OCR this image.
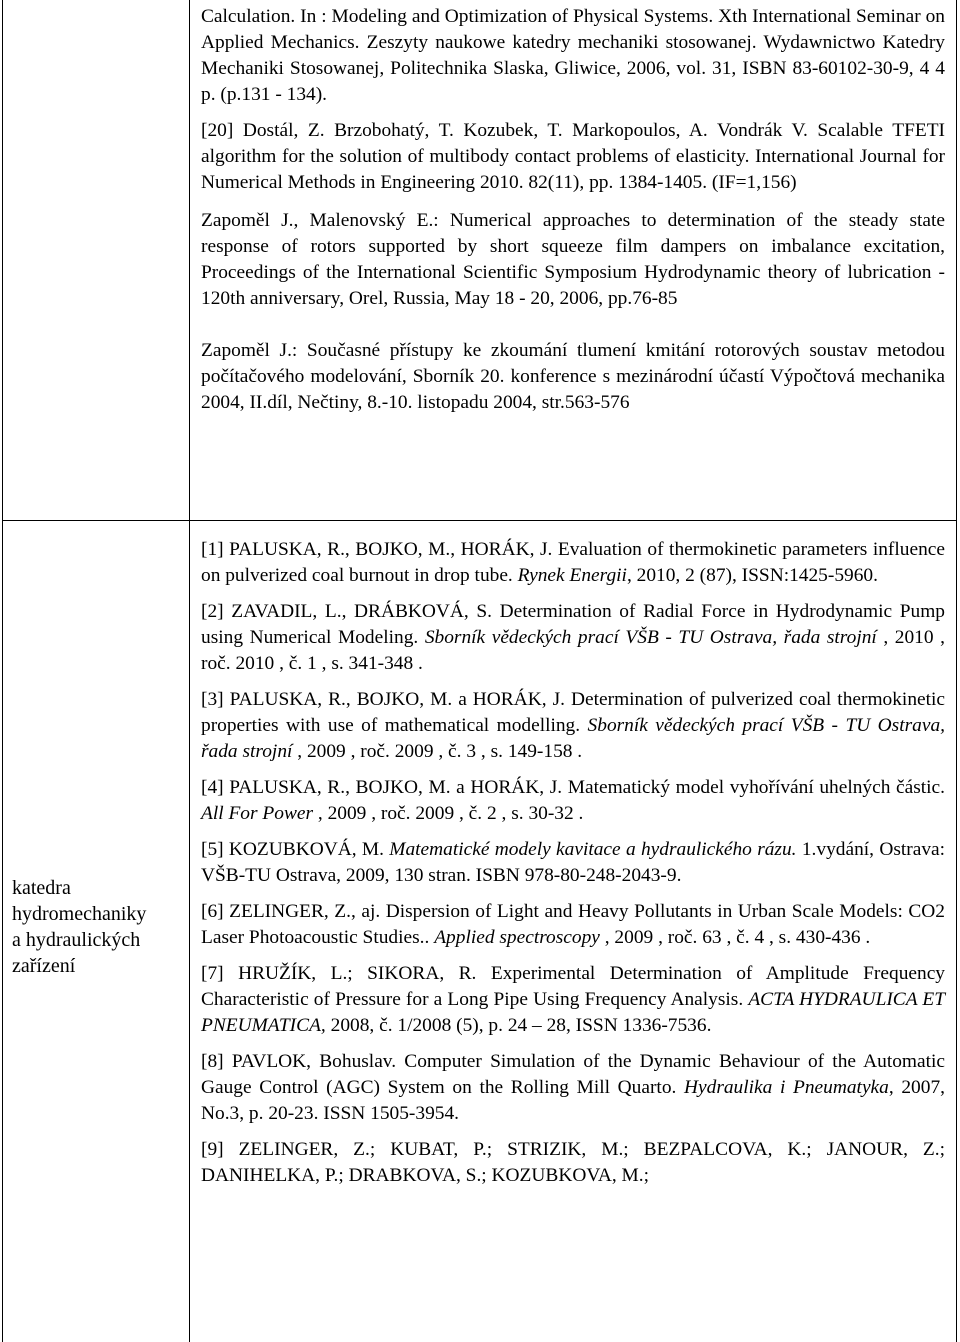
Calculation. In : Modeling and Optimization of Physical Systems. Xth International Seminar on Applied Mechanics. Zeszyty naukowe katedry mechaniki stosowanej. Wydawnictwo Katedry Mechaniki Stosowanej, Politechnika Slaska, Gliwice, 2006, vol. 31, ISBN 83-60102-30-9, 4 4 p. (p.131 - 134).

[20] Dostál, Z. Brzobohatý, T. Kozubek, T. Markopoulos, A. Vondrák V. Scalable TFETI algorithm for the solution of multibody contact problems of elasticity. International Journal for Numerical Methods in Engineering 2010. 82(11), pp. 1384-1405. (IF=1,156)

Zapoměl J., Malenovský E.: Numerical approaches to determination of the steady state response of rotors supported by short squeeze film dampers on imbalance excitation, Proceedings of the International Scientific Symposium Hydrodynamic theory of lubrication - 120th anniversary, Orel, Russia, May 18 - 20, 2006, pp.76-85

Zapoměl J.: Současné přístupy ke zkoumání tlumení kmitání rotorových soustav metodou počítačového modelování, Sborník 20. konference s mezinárodní účastí Výpočtová mechanika 2004, II.díl, Nečtiny, 8.-10. listopadu 2004, str.563-576

katedra
hydromechaniky
a hydraulických
zařízení

[1] PALUSKA, R., BOJKO, M., HORÁK, J. Evaluation of thermokinetic parameters influence on pulverized coal burnout in drop tube. Rynek Energii, 2010, 2 (87), ISSN:1425-5960.

[2] ZAVADIL, L., DRÁBKOVÁ, S. Determination of Radial Force in Hydrodynamic Pump using Numerical Modeling. Sborník vědeckých prací VŠB - TU Ostrava, řada strojní , 2010 , roč. 2010 , č. 1 , s. 341-348 .

[3] PALUSKA, R., BOJKO, M. a HORÁK, J. Determination of pulverized coal thermokinetic properties with use of mathematical modelling. Sborník vědeckých prací VŠB - TU Ostrava, řada strojní , 2009 , roč. 2009 , č. 3 , s. 149-158 .

[4] PALUSKA, R., BOJKO, M. a HORÁK, J. Matematický model vyhořívání uhelných částic. All For Power , 2009 , roč. 2009 , č. 2 , s. 30-32 .

[5] KOZUBKOVÁ, M. Matematické modely kavitace a hydraulického rázu. 1.vydání, Ostrava: VŠB-TU Ostrava, 2009, 130 stran. ISBN 978-80-248-2043-9.

[6] ZELINGER, Z., aj. Dispersion of Light and Heavy Pollutants in Urban Scale Models: CO2 Laser Photoacoustic Studies.. Applied spectroscopy , 2009 , roč. 63 , č. 4 , s. 430-436 .

[7] HRUŽÍK, L.; SIKORA, R. Experimental Determination of Amplitude Frequency Characteristic of Pressure for a Long Pipe Using Frequency Analysis. ACTA HYDRAULICA ET PNEUMATICA, 2008, č. 1/2008 (5), p. 24 – 28, ISSN 1336-7536.

[8] PAVLOK, Bohuslav. Computer Simulation of the Dynamic Behaviour of the Automatic Gauge Control (AGC) System on the Rolling Mill Quarto. Hydraulika i Pneumatyka, 2007, No.3, p. 20-23. ISSN 1505-3954.

[9] ZELINGER, Z.; KUBAT, P.; STRIZIK, M.; BEZPALCOVA, K.; JANOUR, Z.; DANIHELKA, P.; DRABKOVA, S.; KOZUBKOVA, M.;
